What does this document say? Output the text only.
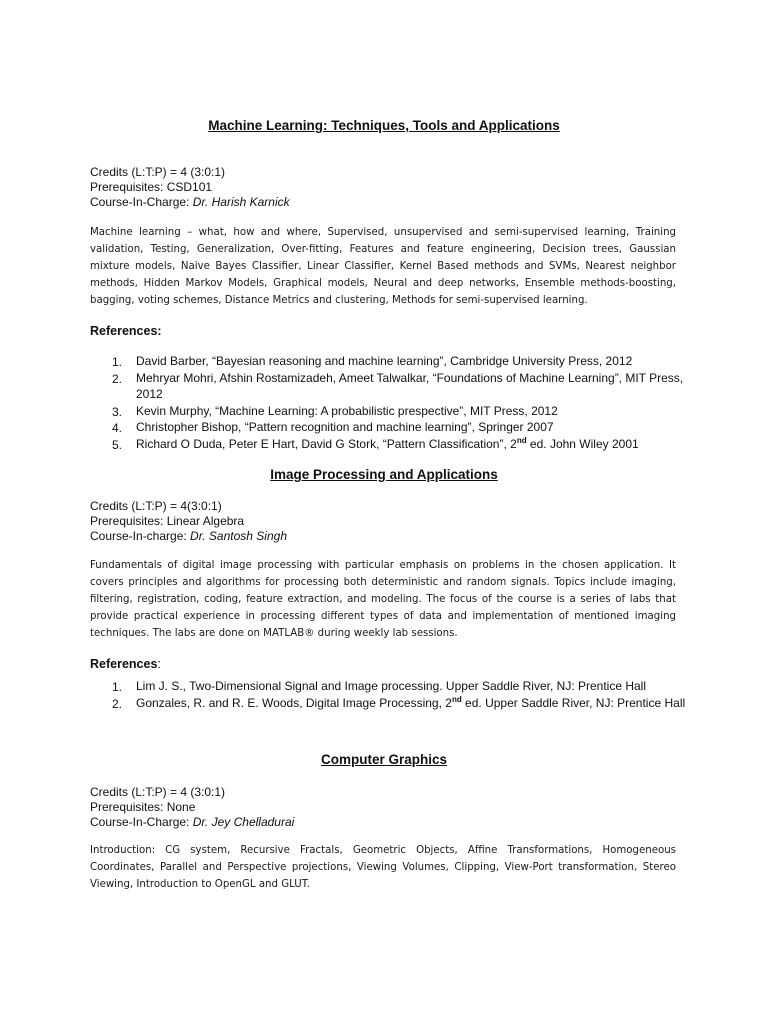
Machine Learning: Techniques, Tools and Applications
Credits (L:T:P) = 4 (3:0:1)
Prerequisites: CSD101
Course-In-Charge: Dr. Harish Karnick

Machine learning – what, how and where, Supervised, unsupervised and semi-supervised learning, Training validation, Testing, Generalization, Over-fitting, Features and feature engineering, Decision trees, Gaussian mixture models, Naive Bayes Classifier, Linear Classifier, Kernel Based methods and SVMs, Nearest neighbor methods, Hidden Markov Models, Graphical models, Neural and deep networks, Ensemble methods-boosting, bagging, voting schemes, Distance Metrics and clustering, Methods for semi-supervised learning.

References:
1. David Barber, “Bayesian reasoning and machine learning”, Cambridge University Press, 2012
2. Mehryar Mohri, Afshin Rostamizadeh, Ameet Talwalkar, “Foundations of Machine Learning”, MIT Press, 2012
3. Kevin Murphy, “Machine Learning: A probabilistic prespective”, MIT Press, 2012
4. Christopher Bishop, “Pattern recognition and machine learning”, Springer 2007
5. Richard O Duda, Peter E Hart, David G Stork, “Pattern Classification”, 2nd ed. John Wiley 2001
Image Processing and Applications
Credits (L:T:P) = 4(3:0:1)
Prerequisites: Linear Algebra
Course-In-charge: Dr. Santosh Singh

Fundamentals of digital image processing with particular emphasis on problems in the chosen application. It covers principles and algorithms for processing both deterministic and random signals. Topics include imaging, filtering, registration, coding, feature extraction, and modeling. The focus of the course is a series of labs that provide practical experience in processing different types of data and implementation of mentioned imaging techniques. The labs are done on MATLAB® during weekly lab sessions.

References:
1. Lim J. S., Two-Dimensional Signal and Image processing. Upper Saddle River, NJ: Prentice Hall
2. Gonzales, R. and R. E. Woods, Digital Image Processing, 2nd ed. Upper Saddle River, NJ: Prentice Hall
Computer Graphics
Credits (L:T:P) = 4 (3:0:1)
Prerequisites: None
Course-In-Charge: Dr. Jey Chelladurai

Introduction: CG system, Recursive Fractals, Geometric Objects, Affine Transformations, Homogeneous Coordinates, Parallel and Perspective projections, Viewing Volumes, Clipping, View-Port transformation, Stereo Viewing, Introduction to OpenGL and GLUT.
